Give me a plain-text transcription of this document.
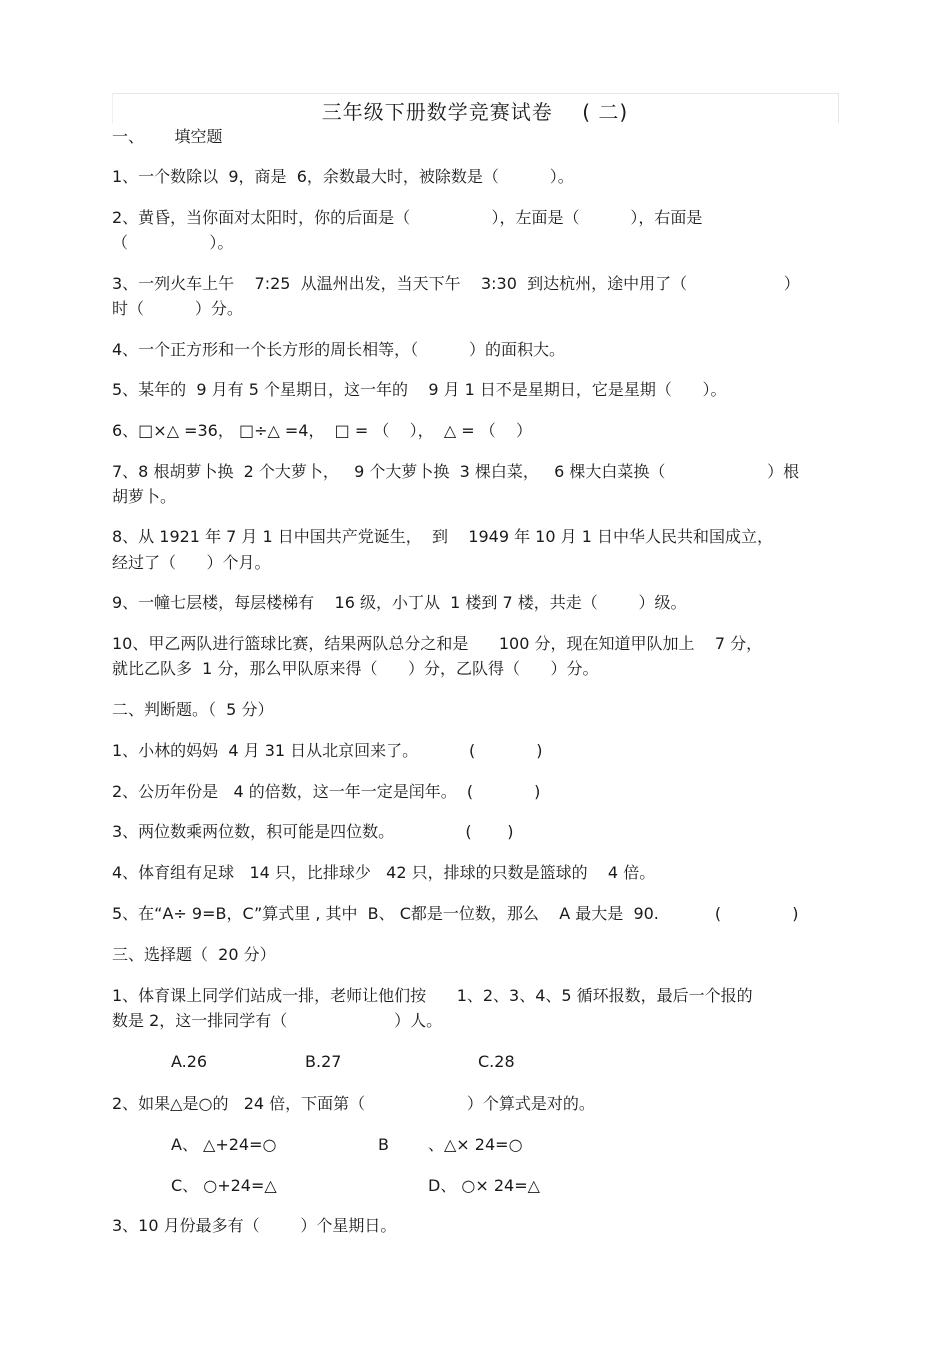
三年级下册数学竞赛试卷    ( 二)
一、      填空题
1、一个数除以  9，商是  6，余数最大时，被除数是（          ）。
2、黄昏，当你面对太阳时，你的后面是（                ），左面是（          ），右面是
（                ）。
3、一列火车上午    7:25  从温州出发，当天下午    3:30  到达杭州，途中用了（                   ）
时（          ）分。
4、一个正方形和一个长方形的周长相等，（          ）的面积大。
5、某年的  9 月有 5 个星期日，这一年的    9 月 1 日不是星期日，它是星期（      ）。
6、□×△ =36， □÷△ =4，  □ = （    ），  △ = （    ）
7、8 根胡萝卜换  2 个大萝卜，   9 个大萝卜换  3 棵白菜，   6 棵大白菜换（                    ）根
胡萝卜。
8、从 1921 年 7 月 1 日中国共产党诞生，  到    1949 年 10 月 1 日中华人民共和国成立，
经过了（      ）个月。
9、一幢七层楼，每层楼梯有    16 级，小丁从  1 楼到 7 楼，共走（        ）级。
10、甲乙两队进行篮球比赛，结果两队总分之和是      100 分，现在知道甲队加上    7 分，
就比乙队多  1 分，那么甲队原来得（      ）分，乙队得（      ）分。
二、判断题。（  5 分）
1、小林的妈妈  4 月 31 日从北京回来了。          (            )
2、公历年份是   4 的倍数，这一年一定是闰年。  (            )
3、两位数乘两位数，积可能是四位数。              (       )
4、体育组有足球   14 只，比排球少   42 只，排球的只数是篮球的    4 倍。
5、在“A÷ 9=B，C”算式里 , 其中  B、 C都是一位数，那么    A 最大是  90.           (              )
三、选择题（  20 分）
1、体育课上同学们站成一排，老师让他们按      1、2、3、4、5 循环报数，最后一个报的
数是 2，这一排同学有（                     ）人。
A.26	B.27	C.28
2、如果△是○的   24 倍，下面第（                    ）个算式是对的。
A、 △+24=○	B 、△× 24=○
C、 ○+24=△	D、 ○× 24=△
3、10 月份最多有（        ）个星期日。
